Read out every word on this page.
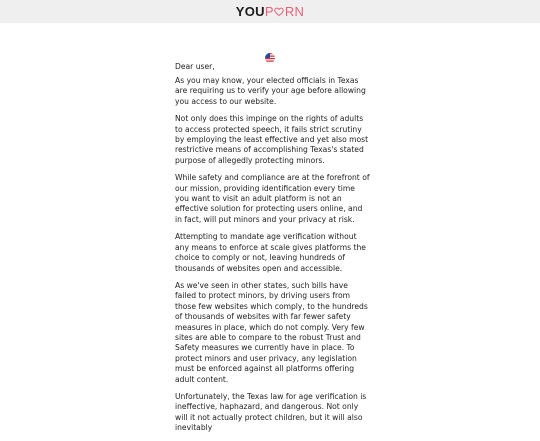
YOU P RN
Dear user,

As you may know, your elected officials in Texas are requiring us to verify your age before allowing you access to our website.

Not only does this impinge on the rights of adults to access protected speech, it fails strict scrutiny by employing the least effective and yet also most restrictive means of accomplishing Texas's stated purpose of allegedly protecting minors.

While safety and compliance are at the forefront of our mission, providing identification every time you want to visit an adult platform is not an effective solution for protecting users online, and in fact, will put minors and your privacy at risk.

Attempting to mandate age verification without any means to enforce at scale gives platforms the choice to comply or not, leaving hundreds of thousands of websites open and accessible.

As we've seen in other states, such bills have failed to protect minors, by driving users from those few websites which comply, to the hundreds of thousands of websites with far fewer safety measures in place, which do not comply. Very few sites are able to compare to the robust Trust and Safety measures we currently have in place. To protect minors and user privacy, any legislation must be enforced against all platforms offering adult content.

Unfortunately, the Texas law for age verification is ineffective, haphazard, and dangerous. Not only will it not actually protect children, but it will also inevitably
